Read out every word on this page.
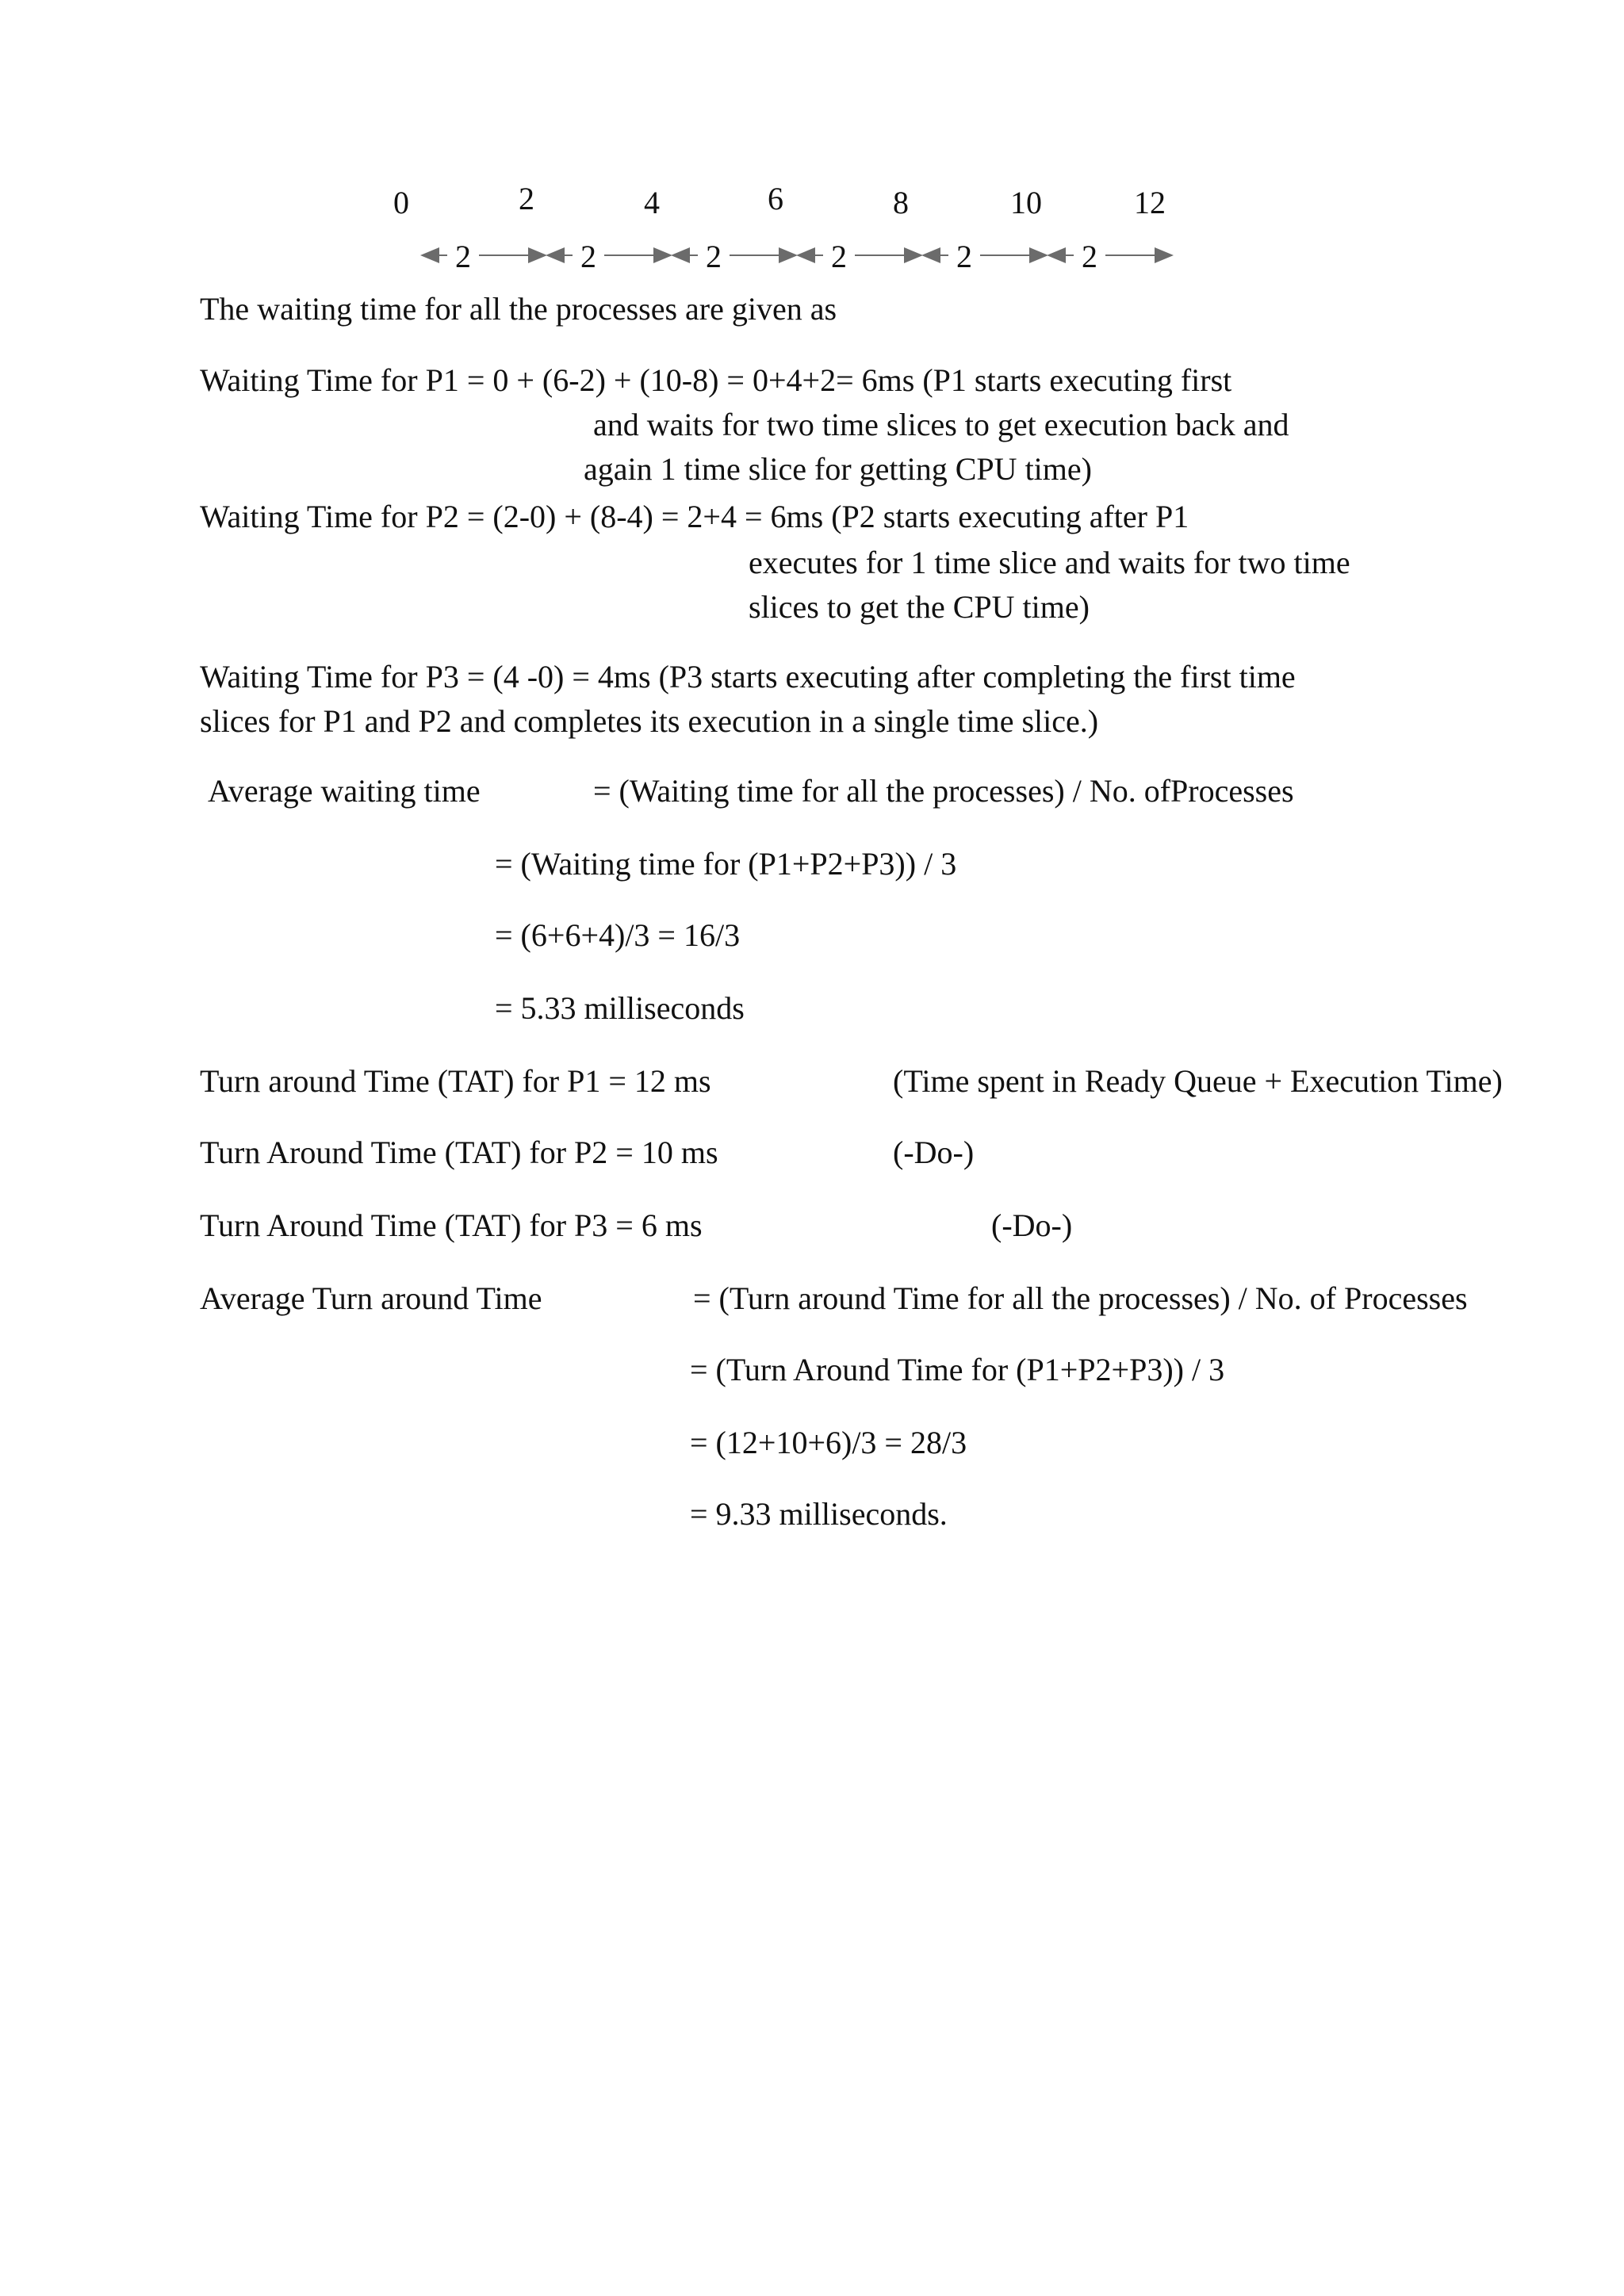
0	2	4	6	8	10	12
2	2	2	2	2	2
The waiting time for all the processes are given as
Waiting Time for P1 = 0 + (6-2) + (10-8) = 0+4+2= 6ms (P1 starts executing first
and waits for two time slices to get execution back and
again 1 time slice for getting CPU time)
Waiting Time for P2 = (2-0) + (8-4) = 2+4 = 6ms (P2 starts executing after P1
executes for 1 time slice and waits for two time
slices to get the CPU time)
Waiting Time for P3 = (4 -0) = 4ms (P3 starts executing after completing the first time
slices for P1 and P2 and completes its execution in a single time slice.)
Average waiting time	= (Waiting time for all the processes) / No. ofProcesses
= (Waiting time for (P1+P2+P3)) / 3
= (6+6+4)/3 = 16/3
= 5.33 milliseconds
Turn around Time (TAT) for P1 = 12 ms	(Time spent in Ready Queue + Execution Time)
Turn Around Time (TAT) for P2 = 10 ms	(-Do-)
Turn Around Time (TAT) for P3 = 6 ms	(-Do-)
Average Turn around Time	= (Turn around Time for all the processes) / No. of Processes
= (Turn Around Time for (P1+P2+P3)) / 3
= (12+10+6)/3 = 28/3
= 9.33 milliseconds.
